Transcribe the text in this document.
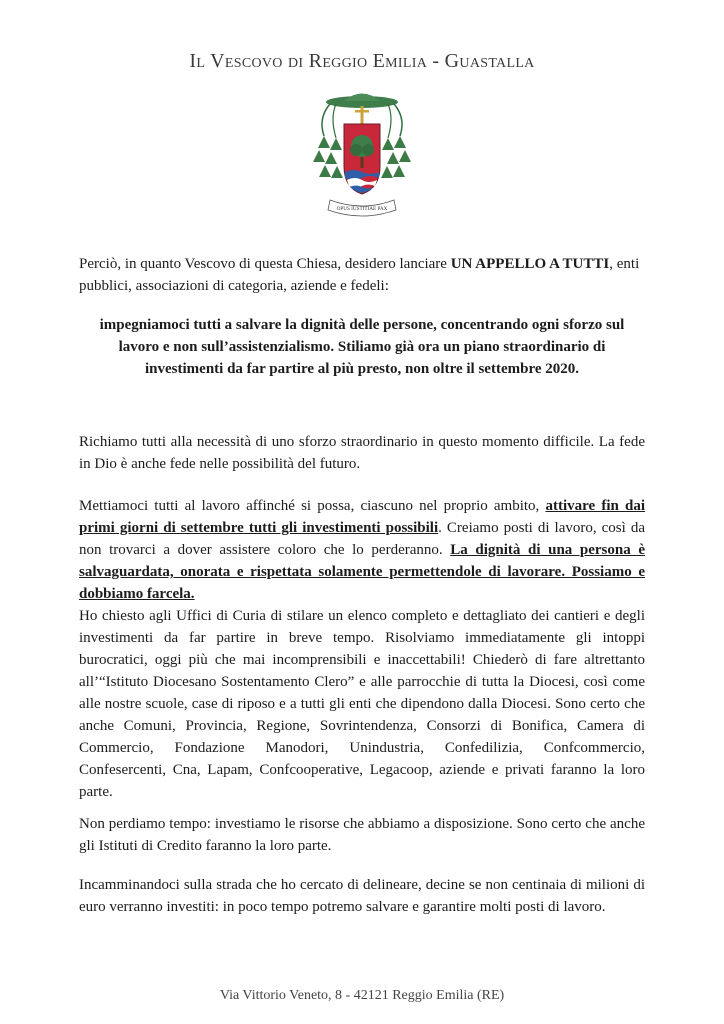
Il Vescovo di Reggio Emilia - Guastalla
OPUS IUSTITIAE PAX
Perciò, in quanto Vescovo di questa Chiesa, desidero lanciare UN APPELLO A TUTTI, enti pubblici, associazioni di categoria, aziende e fedeli:
impegniamoci tutti a salvare la dignità delle persone, concentrando ogni sforzo sul lavoro e non sull’assistenzialismo. Stiliamo già ora un piano straordinario di investimenti da far partire al più presto, non oltre il settembre 2020.
Richiamo tutti alla necessità di uno sforzo straordinario in questo momento difficile. La fede in Dio è anche fede nelle possibilità del futuro.
Mettiamoci tutti al lavoro affinché si possa, ciascuno nel proprio ambito, attivare fin dai primi giorni di settembre tutti gli investimenti possibili. Creiamo posti di lavoro, così da non trovarci a dover assistere coloro che lo perderanno. La dignità di una persona è salvaguardata, onorata e rispettata solamente permettendole di lavorare. Possiamo e dobbiamo farcela.
Ho chiesto agli Uffici di Curia di stilare un elenco completo e dettagliato dei cantieri e degli investimenti da far partire in breve tempo. Risolviamo immediatamente gli intoppi burocratici, oggi più che mai incomprensibili e inaccettabili! Chiederò di fare altrettanto all’“Istituto Diocesano Sostentamento Clero” e alle parrocchie di tutta la Diocesi, così come alle nostre scuole, case di riposo e a tutti gli enti che dipendono dalla Diocesi. Sono certo che anche Comuni, Provincia, Regione, Sovrintendenza, Consorzi di Bonifica, Camera di Commercio, Fondazione Manodori, Unindustria, Confedilizia, Confcommercio, Confesercenti, Cna, Lapam, Confcooperative, Legacoop, aziende e privati faranno la loro parte.
Non perdiamo tempo: investiamo le risorse che abbiamo a disposizione. Sono certo che anche gli Istituti di Credito faranno la loro parte.
Incamminandoci sulla strada che ho cercato di delineare, decine se non centinaia di milioni di euro verranno investiti: in poco tempo potremo salvare e garantire molti posti di lavoro.
Via Vittorio Veneto, 8 - 42121 Reggio Emilia (RE)
